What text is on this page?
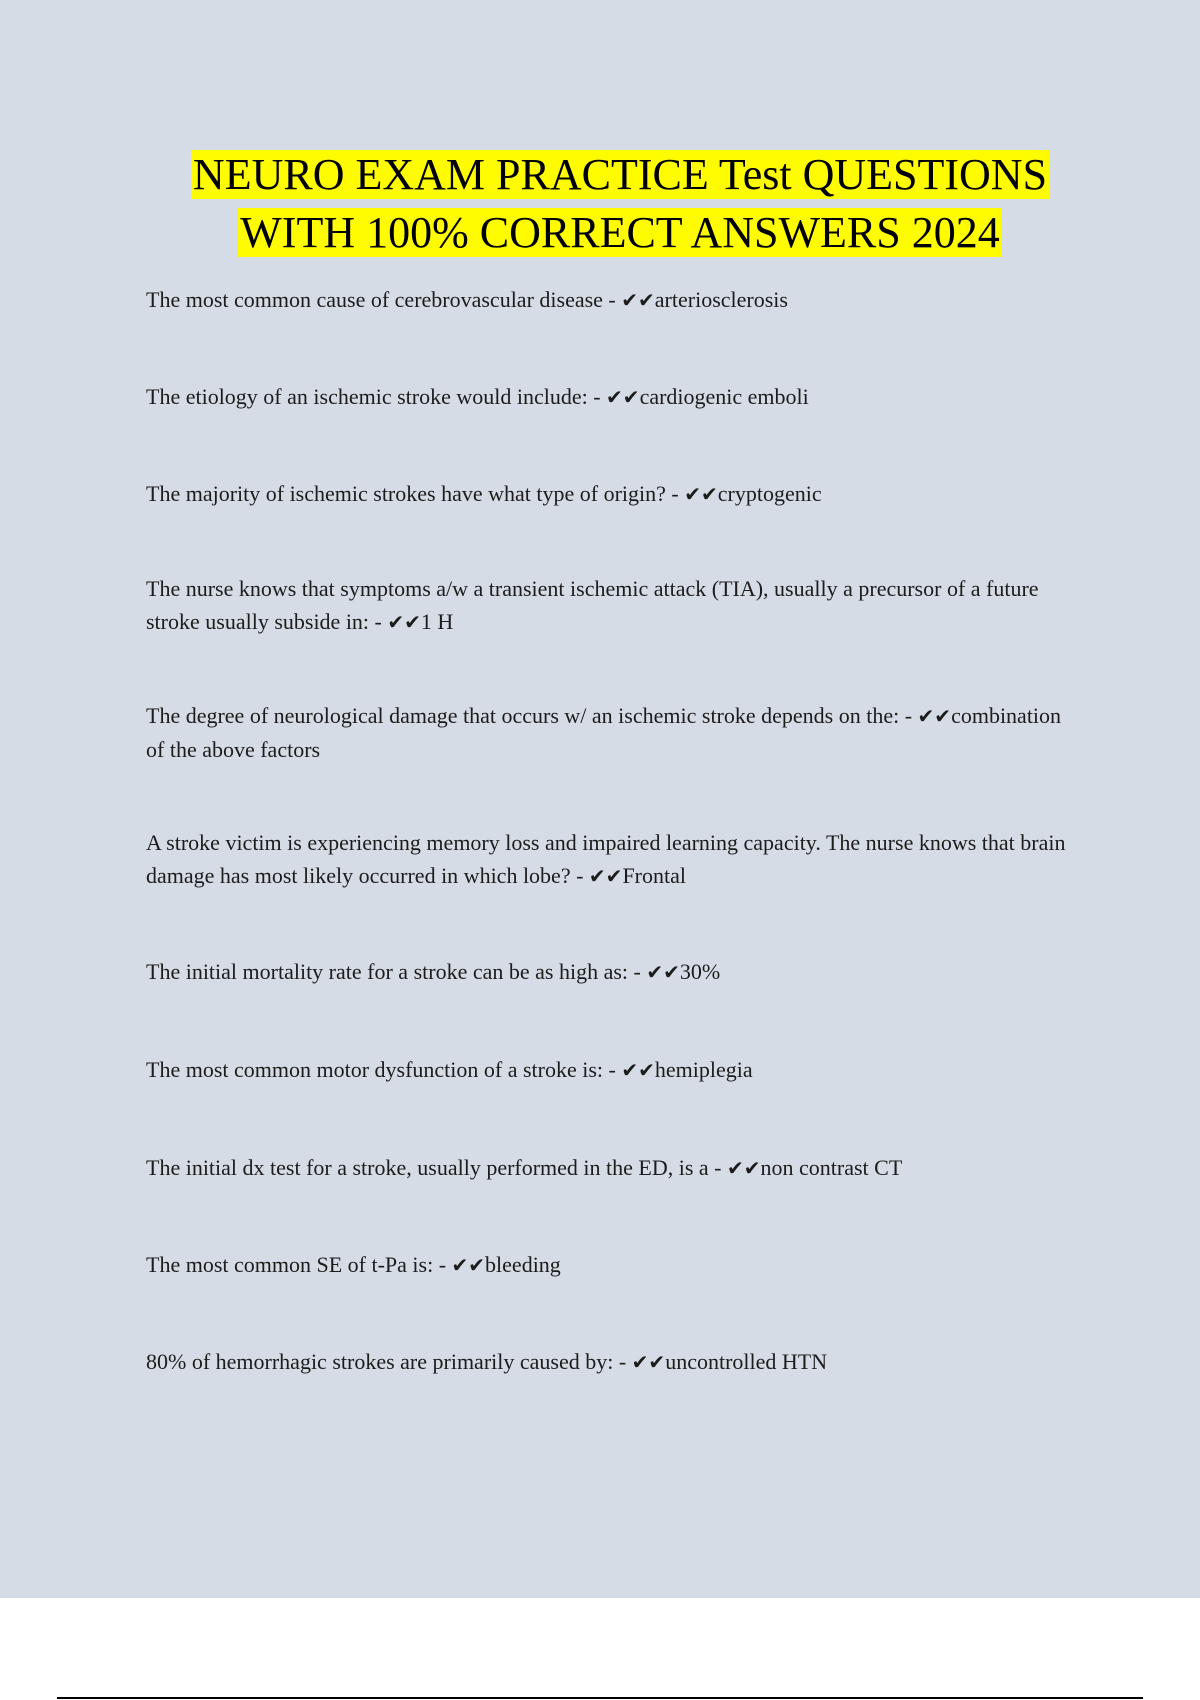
NEURO EXAM PRACTICE Test QUESTIONS
WITH 100% CORRECT ANSWERS 2024

The most common cause of cerebrovascular disease - ✔✔arteriosclerosis

The etiology of an ischemic stroke would include: - ✔✔cardiogenic emboli

The majority of ischemic strokes have what type of origin? - ✔✔cryptogenic

The nurse knows that symptoms a/w a transient ischemic attack (TIA), usually a precursor of a future stroke usually subside in: - ✔✔1 H

The degree of neurological damage that occurs w/ an ischemic stroke depends on the: - ✔✔combination of the above factors

A stroke victim is experiencing memory loss and impaired learning capacity. The nurse knows that brain damage has most likely occurred in which lobe? - ✔✔Frontal

The initial mortality rate for a stroke can be as high as: - ✔✔30%

The most common motor dysfunction of a stroke is: - ✔✔hemiplegia

The initial dx test for a stroke, usually performed in the ED, is a - ✔✔non contrast CT

The most common SE of t-Pa is: - ✔✔bleeding

80% of hemorrhagic strokes are primarily caused by: - ✔✔uncontrolled HTN
